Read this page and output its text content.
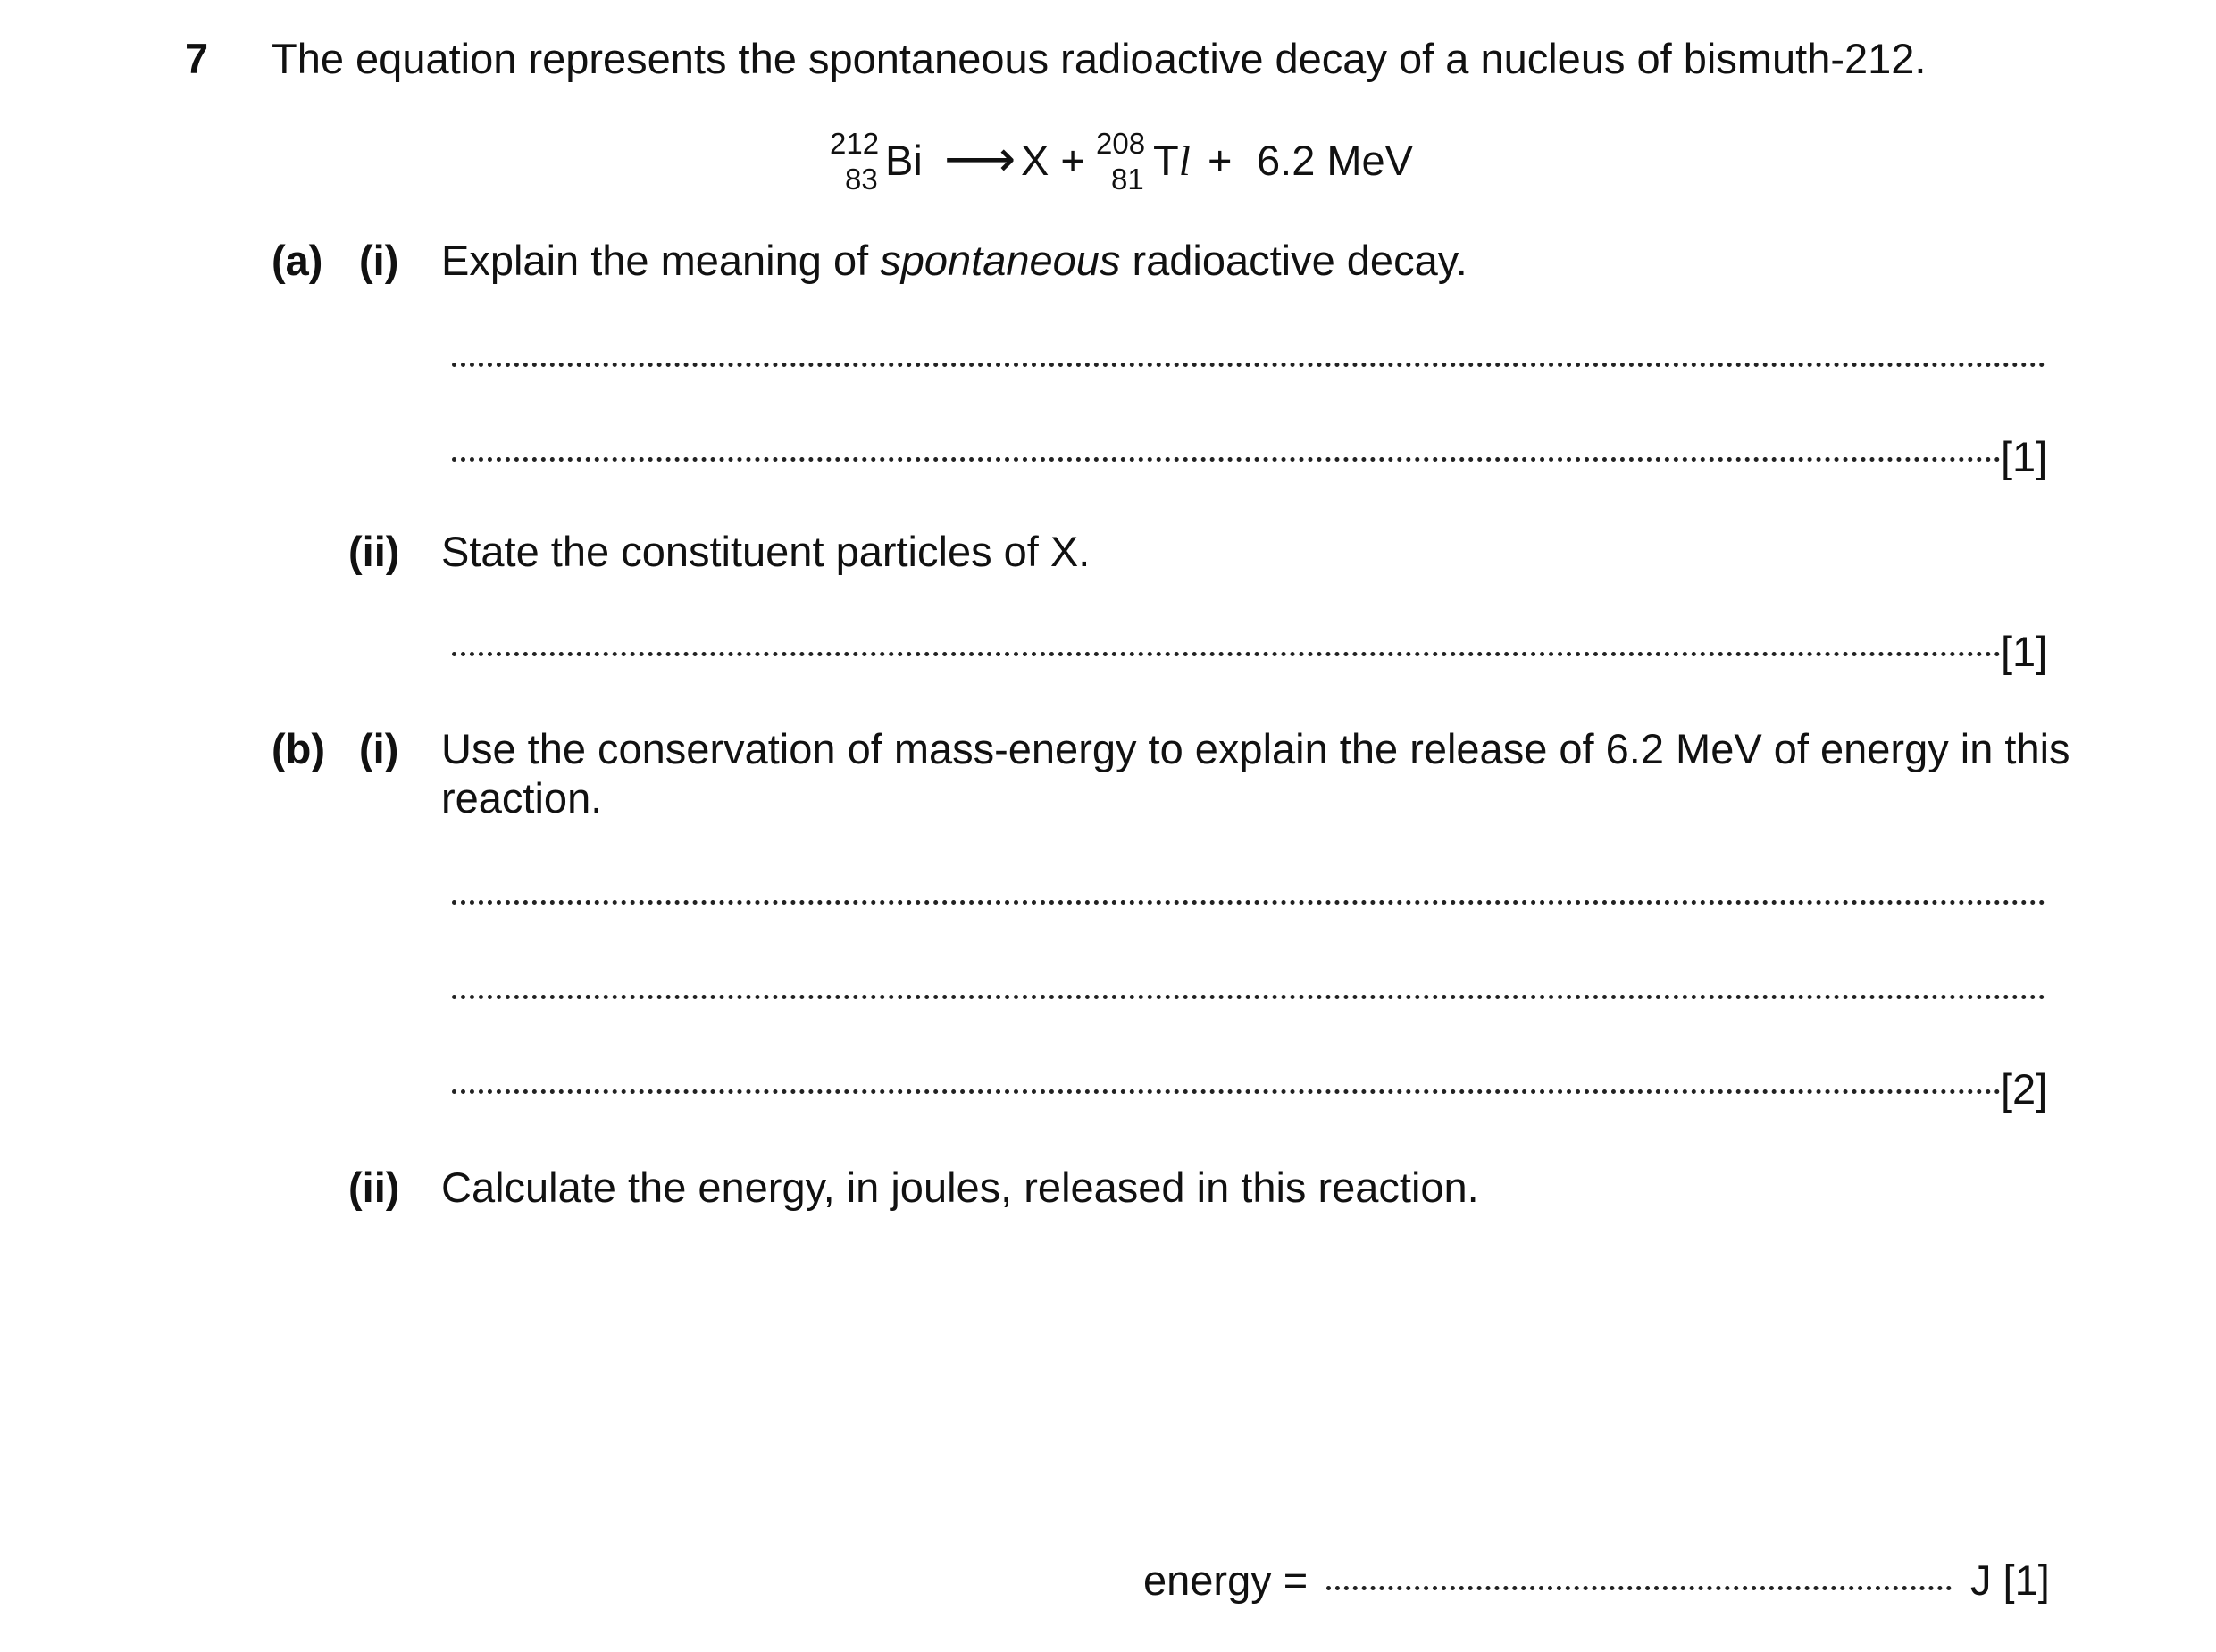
7 The equation represents the spontaneous radioactive decay of a nucleus of bismuth-212.
212
83 Bi ⟶ X + 208
81 Tl + 6.2 MeV
(a) (i) Explain the meaning of spontaneous radioactive decay.
[1]
(ii) State the constituent particles of X.
[1]
(b) (i) Use the conservation of mass-energy to explain the release of 6.2 MeV of energy in this
reaction.
[2]
(ii) Calculate the energy, in joules, released in this reaction.
energy =	J [1]
